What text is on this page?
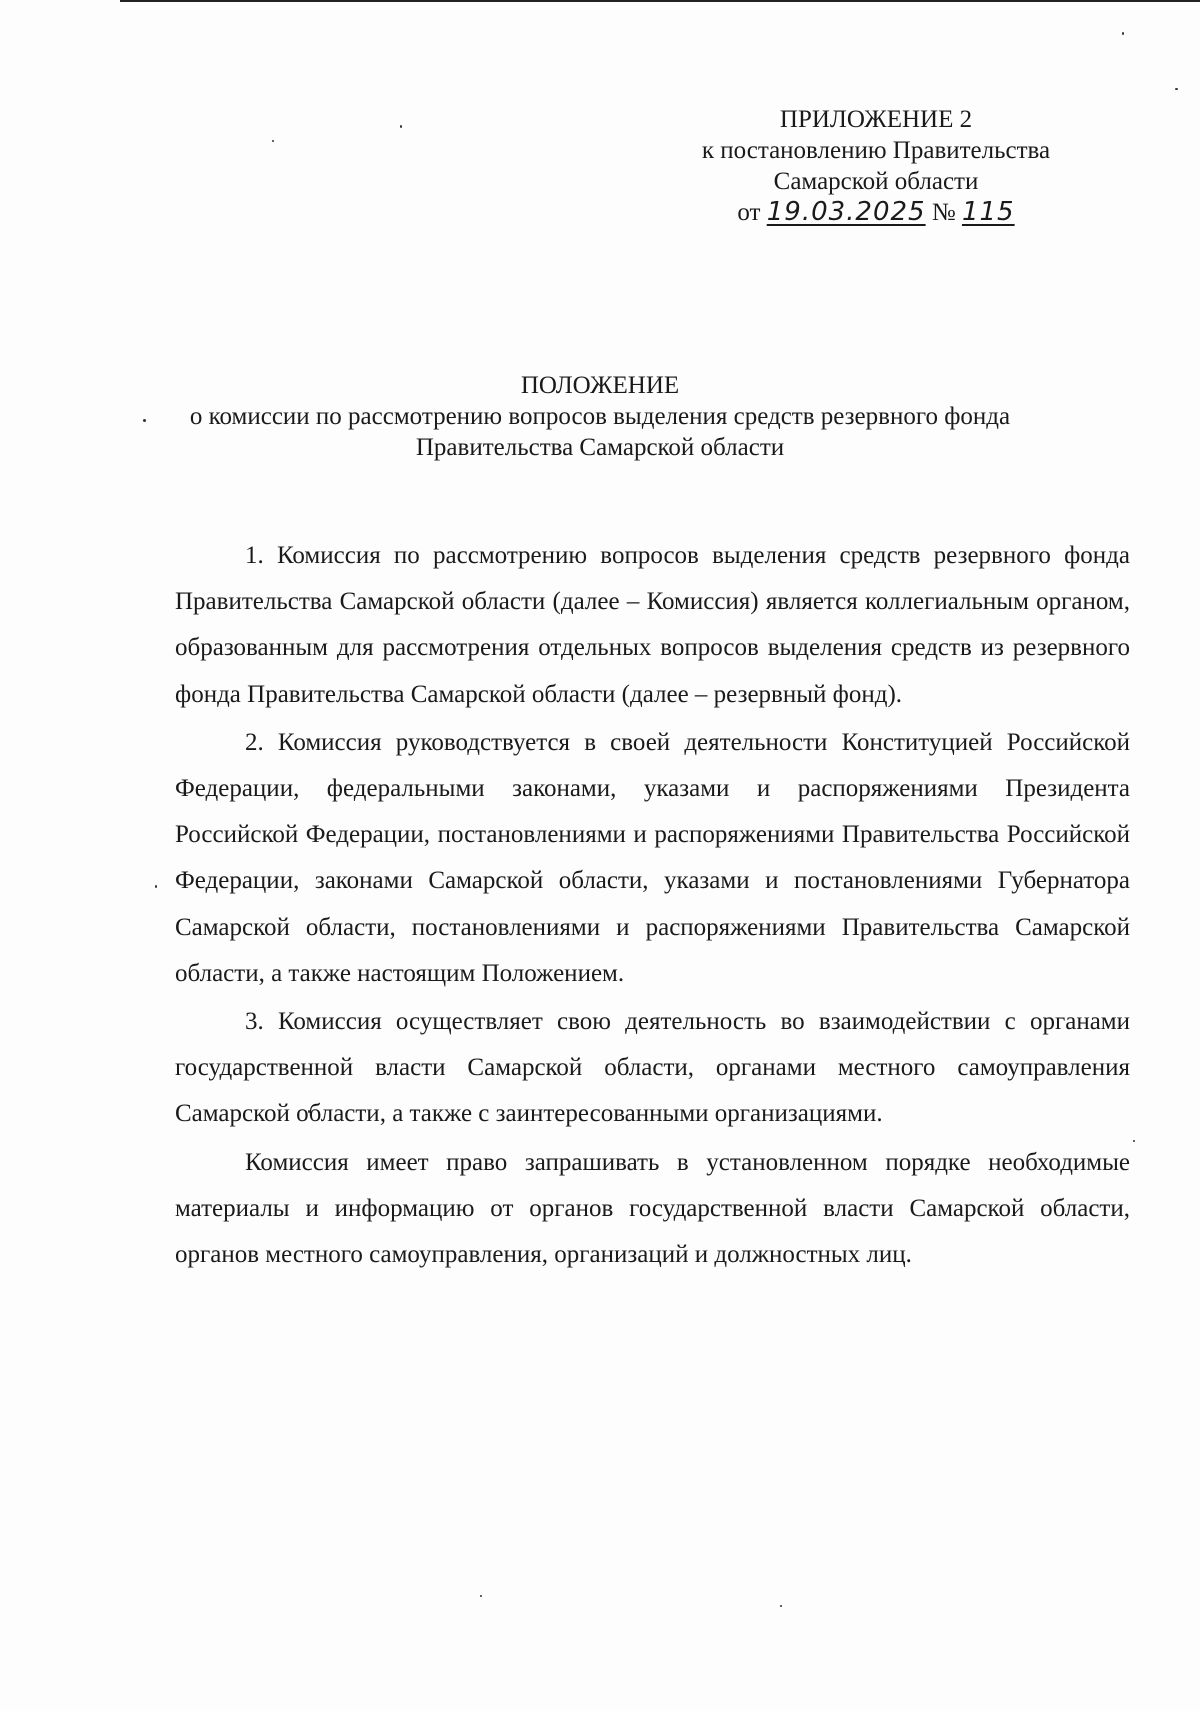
ПРИЛОЖЕНИЕ 2
к постановлению Правительства
Самарской области
от 19.03.2025 № 115
ПОЛОЖЕНИЕ
о комиссии по рассмотрению вопросов выделения средств резервного фонда
Правительства Самарской области

1. Комиссия по рассмотрению вопросов выделения средств резервного фонда Правительства Самарской области (далее – Комиссия) является коллегиальным органом, образованным для рассмотрения отдельных вопросов выделения средств из резервного фонда Правительства Самарской области (далее – резервный фонд).

2. Комиссия руководствуется в своей деятельности Конституцией Российской Федерации, федеральными законами, указами и распоряжениями Президента Российской Федерации, постановлениями и распоряжениями Правительства Российской Федерации, законами Самарской области, указами и постановлениями Губернатора Самарской области, постановлениями и распоряжениями Правительства Самарской области, а также настоящим Положением.

3. Комиссия осуществляет свою деятельность во взаимодействии с органами государственной власти Самарской области, органами местного самоуправления Самарской области, а также с заинтересованными организациями.

Комиссия имеет право запрашивать в установленном порядке необходимые материалы и информацию от органов государственной власти Самарской области, органов местного самоуправления, организаций и должностных лиц.
